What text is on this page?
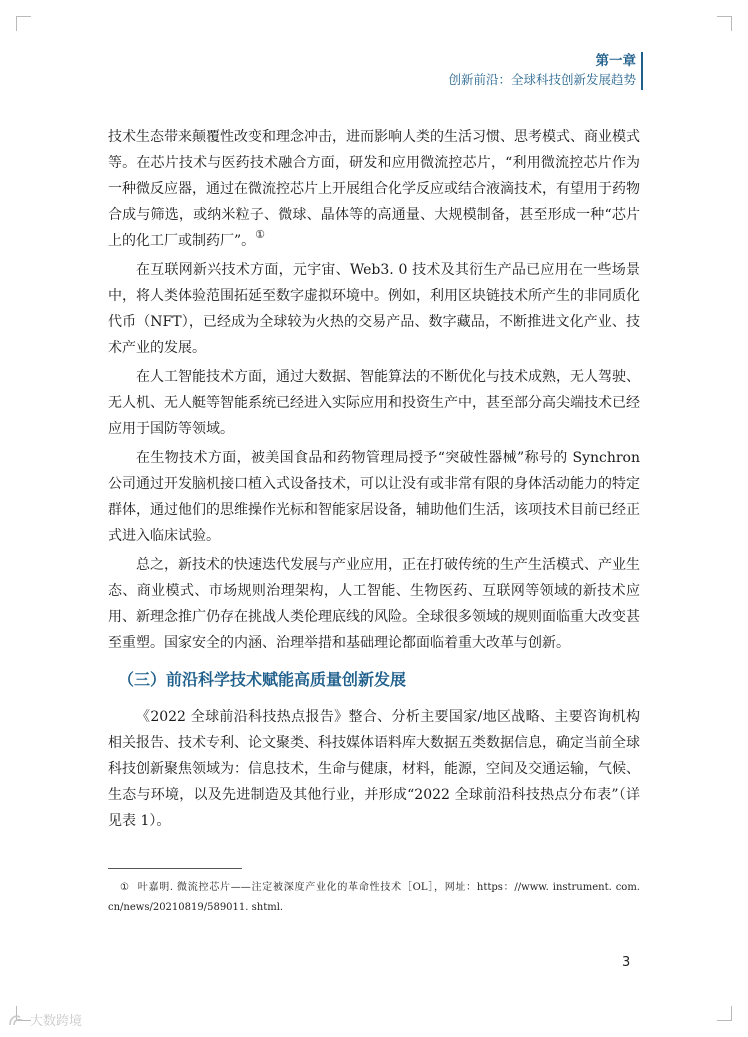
第一章
创新前沿：全球科技创新发展趋势

技术生态带来颠覆性改变和理念冲击，进而影响人类的生活习惯、思考模式、商业模式等。在芯片技术与医药技术融合方面，研发和应用微流控芯片，“利用微流控芯片作为一种微反应器，通过在微流控芯片上开展组合化学反应或结合液滴技术，有望用于药物合成与筛选，或纳米粒子、微球、晶体等的高通量、大规模制备，甚至形成一种“芯片上的化工厂或制药厂”。①

在互联网新兴技术方面，元宇宙、Web3. 0 技术及其衍生产品已应用在一些场景中，将人类体验范围拓延至数字虚拟环境中。例如，利用区块链技术所产生的非同质化代币（NFT），已经成为全球较为火热的交易产品、数字藏品，不断推进文化产业、技术产业的发展。

在人工智能技术方面，通过大数据、智能算法的不断优化与技术成熟，无人驾驶、无人机、无人艇等智能系统已经进入实际应用和投资生产中，甚至部分高尖端技术已经应用于国防等领域。

在生物技术方面，被美国食品和药物管理局授予“突破性器械”称号的 Synchron 公司通过开发脑机接口植入式设备技术，可以让没有或非常有限的身体活动能力的特定群体，通过他们的思维操作光标和智能家居设备，辅助他们生活，该项技术目前已经正式进入临床试验。

总之，新技术的快速迭代发展与产业应用，正在打破传统的生产生活模式、产业生态、商业模式、市场规则治理架构，人工智能、生物医药、互联网等领域的新技术应用、新理念推广仍存在挑战人类伦理底线的风险。全球很多领域的规则面临重大改变甚至重塑。国家安全的内涵、治理举措和基础理论都面临着重大改革与创新。

（三）前沿科学技术赋能高质量创新发展

《2022 全球前沿科技热点报告》整合、分析主要国家/地区战略、主要咨询机构相关报告、技术专利、论文聚类、科技媒体语料库大数据五类数据信息，确定当前全球科技创新聚焦领域为：信息技术，生命与健康，材料，能源，空间及交通运输，气候、生态与环境，以及先进制造及其他行业，并形成“2022 全球前沿科技热点分布表”（详见表 1）。

① 叶嘉明. 微流控芯片——注定被深度产业化的革命性技术［OL］，网址：https：//www. instrument. com. cn/news/20210819/589011. shtml.
3
大数跨境
